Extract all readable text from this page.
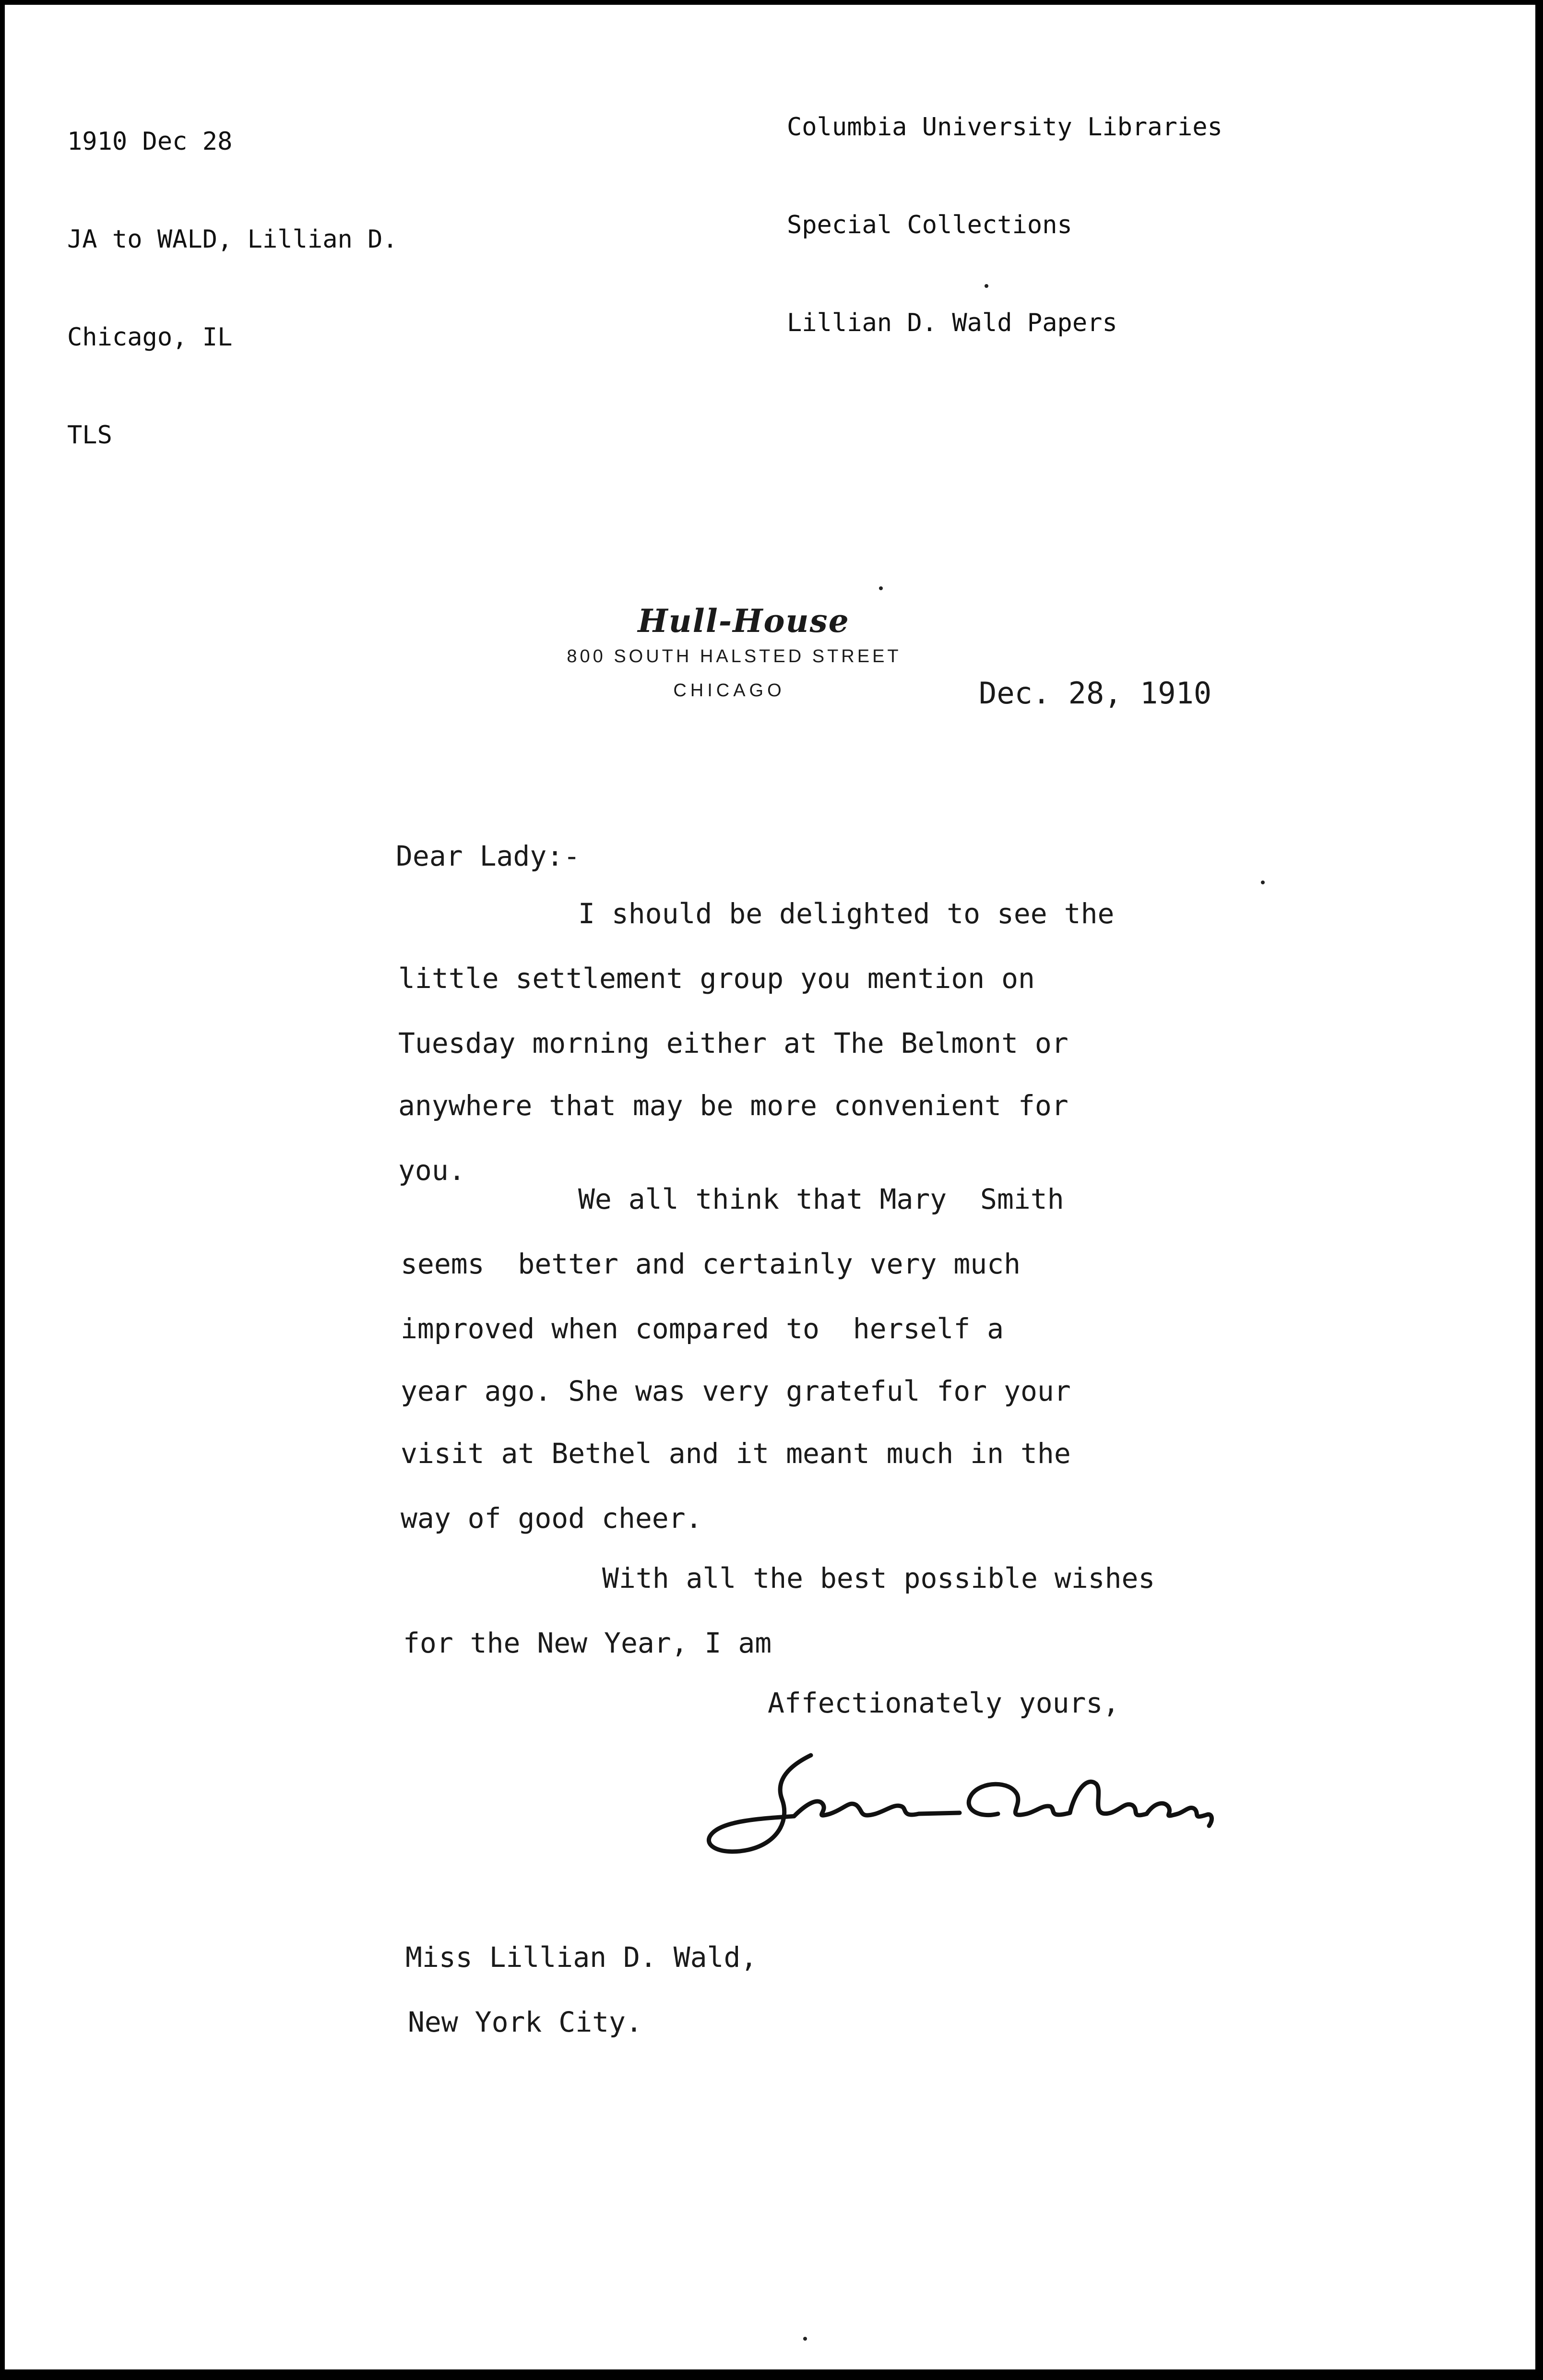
1910 Dec 28

JA to WALD, Lillian D.

Chicago, IL

TLS

Columbia University Libraries

Special Collections

Lillian D. Wald Papers

Hull-House
800 SOUTH HALSTED STREET
CHICAGO	Dec. 28, 1910
Dear Lady:-
I should be delighted to see the
little settlement group you mention on
Tuesday morning either at The Belmont or
anywhere that may be more convenient for
you.
We all think that Mary  Smith
seems  better and certainly very much
improved when compared to  herself a
year ago. She was very grateful for your
visit at Bethel and it meant much in the
way of good cheer.
With all the best possible wishes
for the New Year, I am
Affectionately yours,
Miss Lillian D. Wald,
New York City.
